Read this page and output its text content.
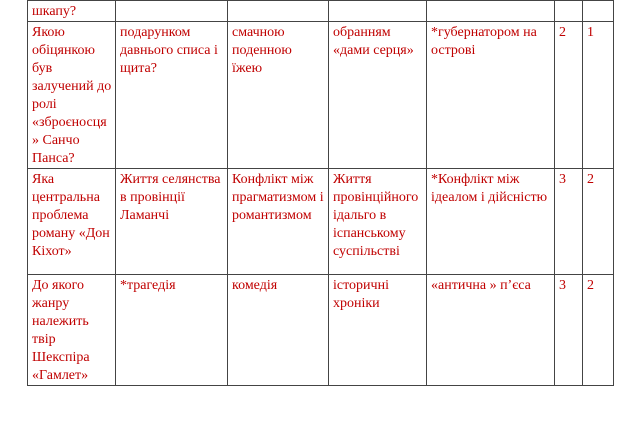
шкапу?						
Якою обіцянкою був залучений до ролі «зброєносця» Санчо Панса?	подарунком давнього списа і щита?	смачною поденною їжею	обранням «дами серця»	*губернатором на острові	2	1
Яка центральна проблема роману «Дон Кіхот»	Життя селянства в провінції Ламанчі	Конфлікт між прагматизмом і романтизмом	Життя провінційного ідальго в іспанському суспільстві	*Конфлікт між ідеалом і дійсністю	3	2
До якого жанру належить твір Шекспіра «Гамлет»	*трагедія	комедія	історичні хроніки	«антична » п’єса	3	2
